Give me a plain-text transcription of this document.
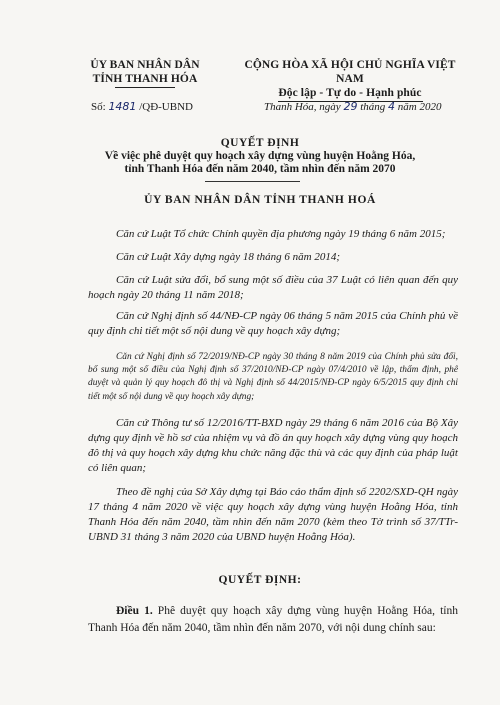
ỦY BAN NHÂN DÂN
TỈNH THANH HÓA
CỘNG HÒA XÃ HỘI CHỦ NGHĨA VIỆT NAM
Độc lập - Tự do - Hạnh phúc
Số: 1481 /QĐ-UBND	Thanh Hóa, ngày 29 tháng 4 năm 2020
QUYẾT ĐỊNH
Về việc phê duyệt quy hoạch xây dựng vùng huyện Hoằng Hóa,
tỉnh Thanh Hóa đến năm 2040, tầm nhìn đến năm 2070
ỦY BAN NHÂN DÂN TỈNH THANH HOÁ
Căn cứ Luật Tổ chức Chính quyền địa phương ngày 19 tháng 6 năm 2015;
Căn cứ Luật Xây dựng ngày 18 tháng 6 năm 2014;
Căn cứ Luật sửa đổi, bổ sung một số điều của 37 Luật có liên quan đến quy hoạch ngày 20 tháng 11 năm 2018;
Căn cứ Nghị định số 44/NĐ-CP ngày 06 tháng 5 năm 2015 của Chính phủ về quy định chi tiết một số nội dung về quy hoạch xây dựng;
Căn cứ Nghị định số 72/2019/NĐ-CP ngày 30 tháng 8 năm 2019 của Chính phủ sửa đổi, bổ sung một số điều của Nghị định số 37/2010/NĐ-CP ngày 07/4/2010 về lập, thẩm định, phê duyệt và quản lý quy hoạch đô thị và Nghị định số 44/2015/NĐ-CP ngày 6/5/2015 quy định chi tiết một số nội dung về quy hoạch xây dựng;
Căn cứ Thông tư số 12/2016/TT-BXD ngày 29 tháng 6 năm 2016 của Bộ Xây dựng quy định về hồ sơ của nhiệm vụ và đồ án quy hoạch xây dựng vùng quy hoạch đô thị và quy hoạch xây dựng khu chức năng đặc thù và các quy định của pháp luật có liên quan;
Theo đề nghị của Sở Xây dựng tại Báo cáo thẩm định số 2202/SXD-QH ngày 17 tháng 4 năm 2020 về việc quy hoạch xây dựng vùng huyện Hoằng Hóa, tỉnh Thanh Hóa đến năm 2040, tầm nhìn đến năm 2070 (kèm theo Tờ trình số 37/TTr-UBND 31 tháng 3 năm 2020 của UBND huyện Hoằng Hóa).
QUYẾT ĐỊNH:
Điều 1. Phê duyệt quy hoạch xây dựng vùng huyện Hoằng Hóa, tỉnh Thanh Hóa đến năm 2040, tầm nhìn đến năm 2070, với nội dung chính sau:
